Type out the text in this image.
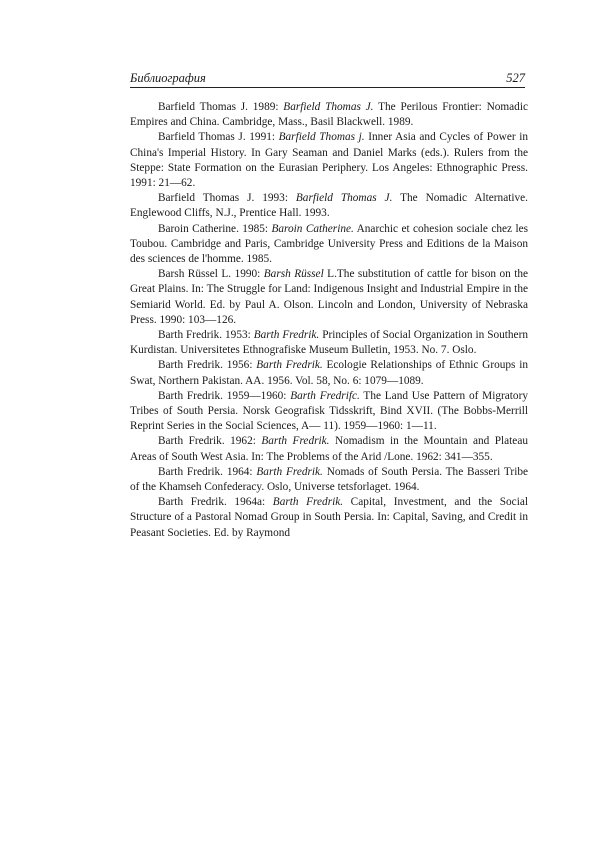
Библиография	527

Barfield Thomas J. 1989: Barfield Thomas J. The Perilous Frontier: Nomadic Empires and China. Cambridge, Mass., Basil Blackwell. 1989.

Barfield Thomas J. 1991: Barfield Thomas j. Inner Asia and Cycles of Power in China's Imperial History. In Gary Seaman and Daniel Marks (eds.). Rulers from the Steppe: State Formation on the Eurasian Periphery. Los Angeles: Ethnographic Press. 1991: 21—62.

Barfield Thomas J. 1993: Barfield Thomas J. The Nomadic Alternative. Englewood Cliffs, N.J., Prentice Hall. 1993.

Baroin Catherine. 1985: Baroin Catherine. Anarchic et cohesion sociale chez les Toubou. Cambridge and Paris, Cambridge University Press and Editions de la Maison des sciences de l'homme. 1985.

Barsh Rüssel L. 1990: Barsh Rüssel L.The substitution of cattle for bison on the Great Plains. In: The Struggle for Land: Indigenous Insight and Industrial Empire in the Semiarid World. Ed. by Paul A. Olson. Lincoln and London, University of Nebraska Press. 1990: 103—126.

Barth Fredrik. 1953: Barth Fredrik. Principles of Social Organization in Southern Kurdistan. Universitetes Ethnografiske Museum Bulletin, 1953. No. 7. Oslo.

Barth Fredrik. 1956: Barth Fredrik. Ecologie Relationships of Ethnic Groups in Swat, Northern Pakistan. AA. 1956. Vol. 58, No. 6: 1079—1089.

Barth Fredrik. 1959—1960: Barth Fredrifc. The Land Use Pattern of Migratory Tribes of South Persia. Norsk Geografisk Tidsskrift, Bind XVII. (The Bobbs-Merrill Reprint Series in the Social Sciences, A— 11). 1959—1960: 1—11.

Barth Fredrik. 1962: Barth Fredrik. Nomadism in the Mountain and Plateau Areas of South West Asia. In: The Problems of the Arid /Lone. 1962: 341—355.

Barth Fredrik. 1964: Barth Fredrik. Nomads of South Persia. The Basseri Tribe of the Khamseh Confederacy. Oslo, Universe tetsforlaget. 1964.

Barth Fredrik. 1964a: Barth Fredrik. Capital, Investment, and the Social Structure of a Pastoral Nomad Group in South Persia. In: Capital, Saving, and Credit in Peasant Societies. Ed. by Raymond
